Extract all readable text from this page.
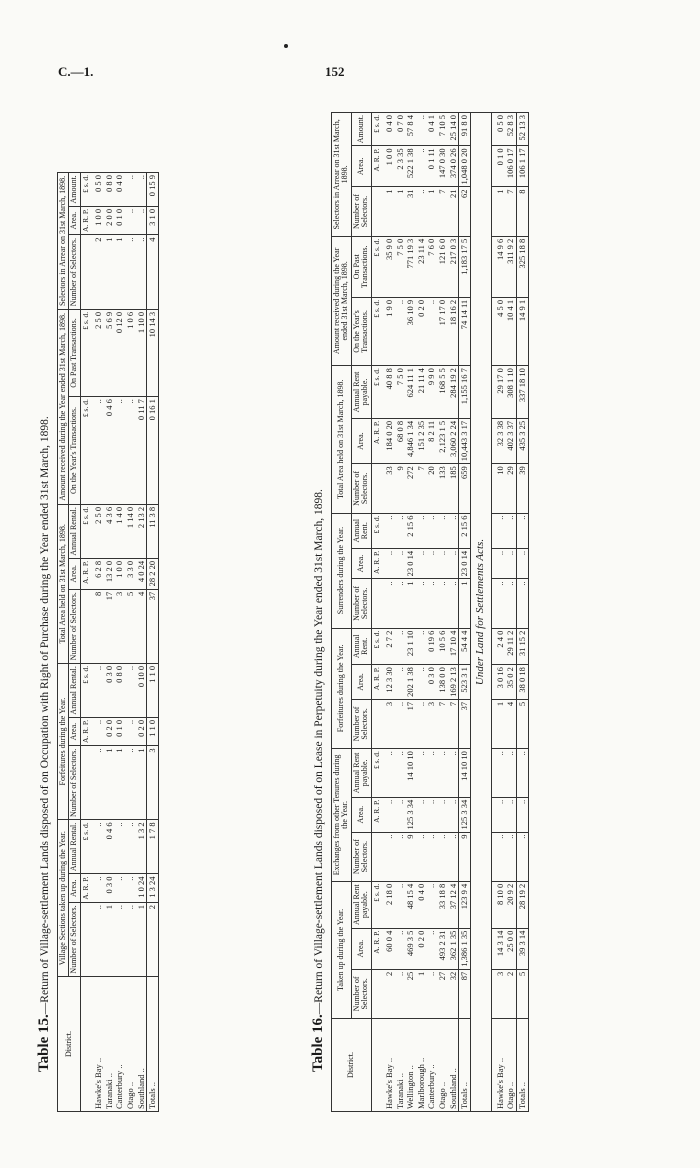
C.—1.	152
Table 15.—Return of Village-settlement Lands disposed of on Occupation with Right of Purchase during the Year ended 31st March, 1898.
District.	Village Sections taken up during the Year.			Forfeitures during the Year.			Total Area held on 31st March, 1898.			Amount received during the Year ended 31st March, 1898.		Selectors in Arrear on 31st March, 1898.		
	Number of Selectors.	Area.	Annual Rental.	Number of Selectors.	Area.	Annual Rental.	Number of Selectors.	Area.	Annual Rental.	On the Year's Transactions.	On Past Transactions.	Number of Selectors.	Area.	Amount.
		A. R. P.	£ s. d.		A. R. P.	£ s. d.		A. R. P.	£ s. d.	£ s. d.	£ s. d.		A. R. P.	£ s. d.
Hawke's Bay ..	..	..	..	..	..	..	8	6 2 8	2 5 0	..	2 5 0	2	1 0 0	0 5 0
Taranaki ..	1	0 3 0	0 4 6	1	0 2 0	0 3 0	17	13 2 0	4 3 6	0 4 6	5 6 9	1	2 0 0	0 8 0
Canterbury ..	..	..	..	1	0 1 0	0 8 0	3	1 0 0	1 4 0	..	0 12 0	1	0 1 0	0 4 0
Otago ..	..	..	..	..	..	..	5	3 3 0	1 14 0	..	1 0 6	..	..	..
Southland ..	1	1 0 24	1 3 2	1	0 2 0	0 10 0	4	4 0 24	2 13 2	0 11 7	1 10 0	..	..	..
Totals ..	2	1 3 24	1 7 8	3	1 1 0	1 1 0	37	28 2 20	11 3 8	0 16 1	10 14 3	4	3 1 0	0 15 9
Table 16.—Return of Village-settlement Lands disposed of on Lease in Perpetuity during the Year ended 31st March, 1898.
District.	Taken up during the Year.			Exchanges from other Tenures during the Year.			Forfeitures during the Year.			Surrenders during the Year.			Total Area held on 31st March, 1898.			Amount received during the Year ended 31st March, 1898.		Selectors in Arrear on 31st March, 1898.		
	Number of Selectors.	Area.	Annual Rent payable.	Number of Selectors.	Area.	Annual Rent payable.	Number of Selectors.	Area.	Annual Rent.	Number of Selectors.	Area.	Annual Rent.	Number of Selectors.	Area.	Annual Rent payable.	On the Year's Transactions.	On Past Transactions.	Number of Selectors.	Area.	Amount.
		A. R. P.	£ s. d.		A. R. P.	£ s. d.		A. R. P.	£ s. d.		A. R. P.	£ s. d.		A. R. P.	£ s. d.	£ s. d.	£ s. d.		A. R. P.	£ s. d.
Hawke's Bay ..	2	60 0 4	2 18 0	..	..	..	3	12 3 30	2 7 2	..	..	..	33	184 0 20	40 8 8	1 9 0	35 9 0	1	1 0 0	0 4 0
Taranaki ..	..	..	..	..	..	..	..	..	..	..	..	..	9	68 0 8	7 5 0	..	7 5 0	1	2 3 35	0 7 0
Wellington ..	25	469 3 5	48 15 4	9	125 3 34	14 10 10	17	202 1 38	23 1 10	1	23 0 14	2 15 6	272	4,846 1 34	624 11 1	36 10 9	771 19 3	31	522 1 38	57 8 4
Marlborough ..	1	0 2 0	0 4 0	..	..	..	..	..	..	..	..	..	7	151 2 35	21 11 4	0 2 0	23 11 4	..	..	..
Canterbury ..	..	..	..	..	..	..	3	0 3 0	0 19 6	..	..	..	20	8 2 11	9 9 0	..	7 6 0	1	0 1 11	0 4 1
Otago ..	27	493 2 31	33 18 8	..	..	..	7	138 0 0	10 5 6	..	..	..	133	2,123 1 5	168 5 5	17 17 0	121 6 0	7	147 0 30	7 10 5
Southland ..	32	362 1 35	37 12 4	..	..	..	7	169 2 13	17 10 4	..	..	..	185	3,060 2 24	284 19 2	18 16 2	217 0 3	21	374 0 26	25 14 0
Totals ..	87	1,386 1 35	123 9 4	9	125 3 34	14 10 10	37	523 3 1	54 4 4	1	23 0 14	2 15 6	659	10,443 3 17	1,155 16 7	74 14 11	1,183 17 5	62	1,048 0 20	91 8 0
Under Land for Settlements Acts.																				
Hawke's Bay ..	3	14 3 14	8 10 0	..	..	..	1	3 0 16	2 4 0	..	..	..	10	32 3 38	29 17 0	4 5 0	14 9 6	1	0 1 0	0 5 0
Otago ..	2	25 0 0	20 9 2	..	..	..	4	35 0 2	29 11 2	..	..	..	29	402 3 37	308 1 10	10 4 1	311 9 2	7	106 0 17	52 8 3
Totals ..	5	39 3 14	28 19 2	..	..	..	5	38 0 18	31 15 2	..	..	..	39	435 3 25	337 18 10	14 9 1	325 18 8	8	106 1 17	52 13 3
